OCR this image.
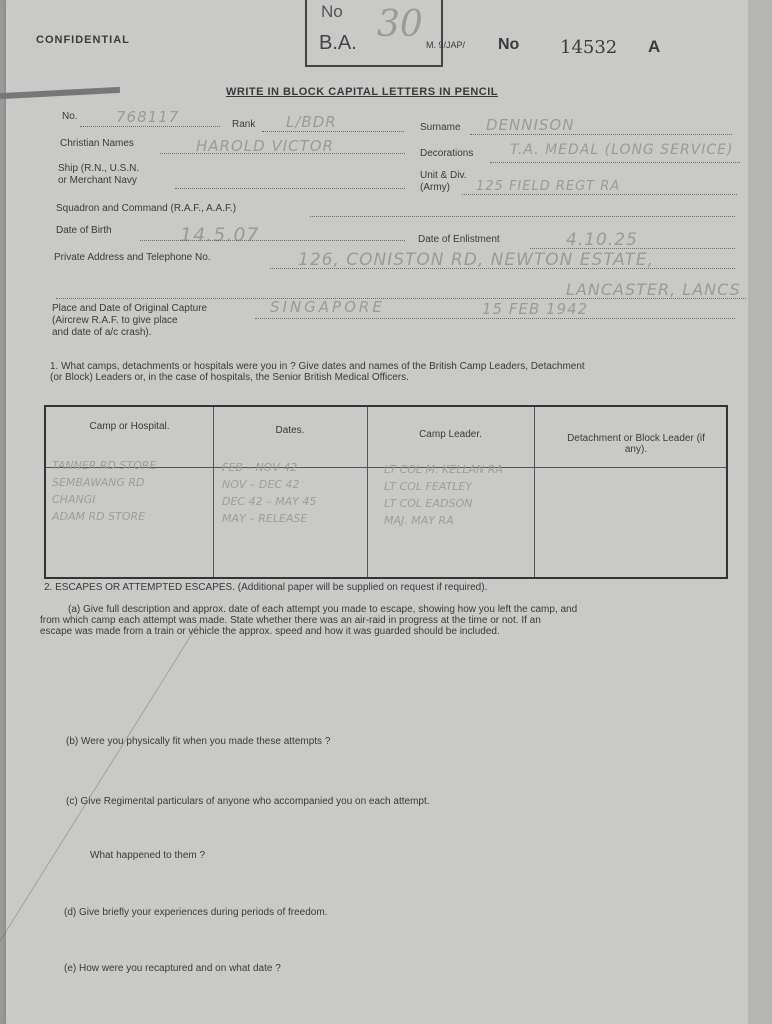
CONFIDENTIAL
No
B.A. 30 M. 9/JAP/ No 14532 A
WRITE IN BLOCK CAPITAL LETTERS IN PENCIL
No.	768117	Rank L/BDR	Surname DENNISON
Christian Names	HAROLD VICTOR	Decorations	T.A. MEDAL (LONG SERVICE)
Ship (R.N., U.S.N.
or Merchant Navy	Unit & Div.
(Army) 125 FIELD REGT RA
Squadron and Command (R.A.F., A.A.F.)
Date of Birth	14.5.07	Date of Enlistment	4.10.25
Private Address and Telephone No.	126, CONISTON RD, NEWTON ESTATE,
LANCASTER, LANCS
Place and Date of Original Capture
(Aircrew R.A.F. to give place
and date of a/c crash).
SINGAPORE	15 FEB 1942
1. What camps, detachments or hospitals were you in ? Give dates and names of the British Camp Leaders, Detachment
(or Block) Leaders or, in the case of hospitals, the Senior British Medical Officers.
Camp or Hospital.	Dates.	Camp Leader.	Detachment or Block Leader (if any).
TANNER RD STORE	FEB – NOV 42	LT COL M. KELLAN RA
SEMBAWANG RD	NOV – DEC 42	LT COL FEATLEY
CHANGI	DEC 42 – MAY 45	LT COL EADSON
ADAM RD STORE	MAY – RELEASE	MAJ. MAY RA
2. ESCAPES OR ATTEMPTED ESCAPES. (Additional paper will be supplied on request if required).
(a) Give full description and approx. date of each attempt you made to escape, showing how you left the camp, and
from which camp each attempt was made. State whether there was an air-raid in progress at the time or not. If an
escape was made from a train or vehicle the approx. speed and how it was guarded should be included.
(b) Were you physically fit when you made these attempts ?
(c) Give Regimental particulars of anyone who accompanied you on each attempt.
What happened to them ?
(d) Give briefly your experiences during periods of freedom.
(e) How were you recaptured and on what date ?
